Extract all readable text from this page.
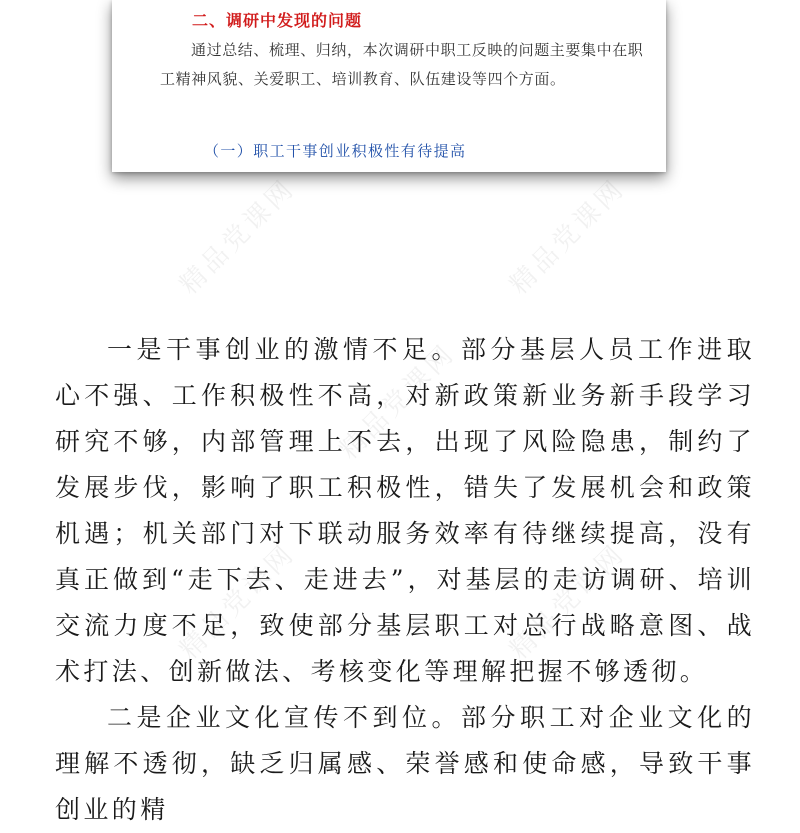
二、调研中发现的问题
通过总结、梳理、归纳，本次调研中职工反映的问题主要集中在职工精神风貌、关爱职工、培训教育、队伍建设等四个方面。
（一）职工干事创业积极性有待提高
精品党课网	精品党课网
精品党课网
精品党课网	精品党课网

一是干事创业的激情不足。部分基层人员工作进取心不强、工作积极性不高，对新政策新业务新手段学习研究不够，内部管理上不去，出现了风险隐患，制约了发展步伐，影响了职工积极性，错失了发展机会和政策机遇；机关部门对下联动服务效率有待继续提高，没有真正做到“走下去、走进去”，对基层的走访调研、培训交流力度不足，致使部分基层职工对总行战略意图、战术打法、创新做法、考核变化等理解把握不够透彻。

二是企业文化宣传不到位。部分职工对企业文化的理解不透彻，缺乏归属感、荣誉感和使命感，导致干事创业的精
